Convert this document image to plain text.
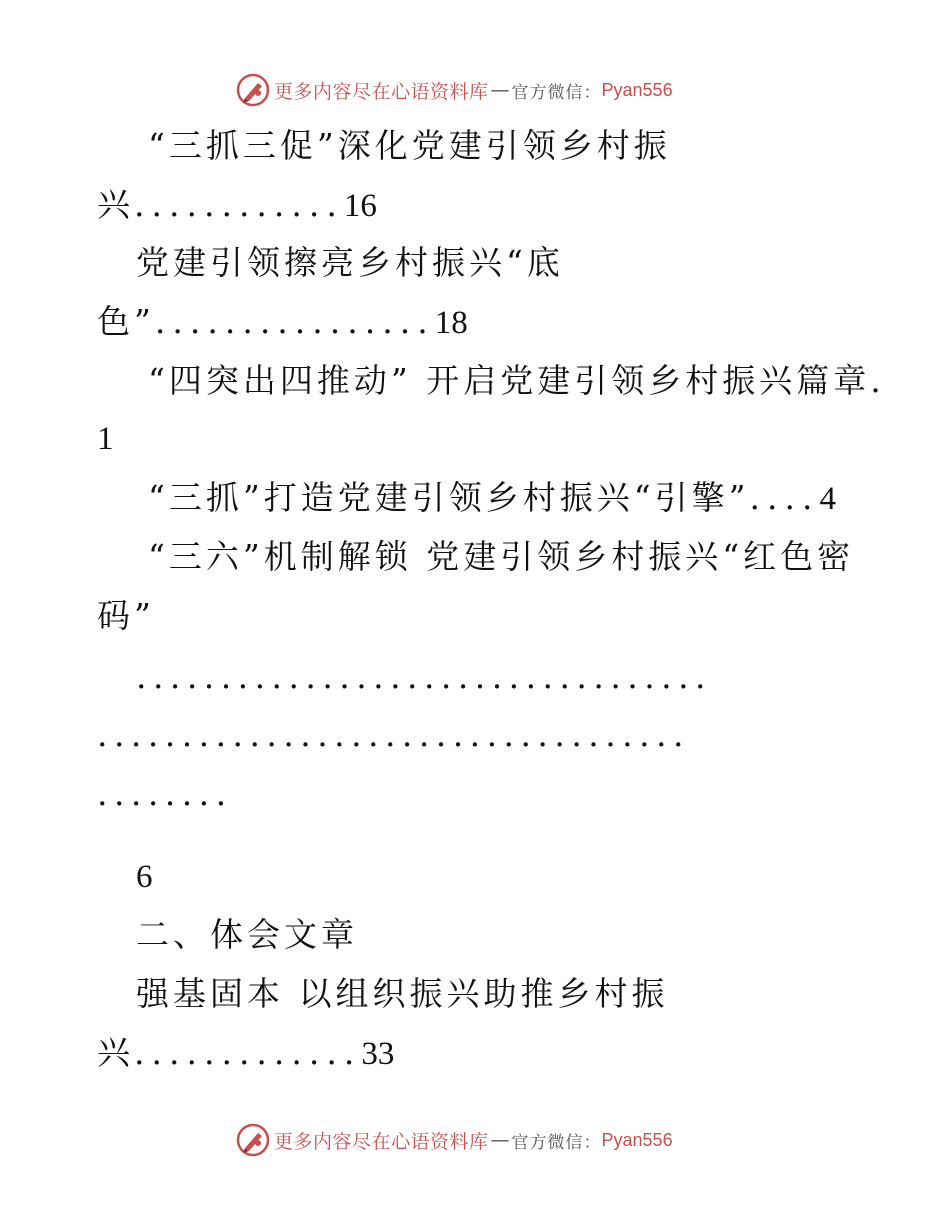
更多内容尽在心语资料库 — 官方微信： Pyan556
“三抓三促”深化党建引领乡村振
兴............16
党建引领擦亮乡村振兴“底
色”................18
“四突出四推动” 开启党建引领乡村振兴篇章.
1
“三抓”打造党建引领乡村振兴“引擎”....4
“三六”机制解锁 党建引领乡村振兴“红色密
码”
..................................
...................................
........
6
二、体会文章
强基固本 以组织振兴助推乡村振
兴.............33
更多内容尽在心语资料库 — 官方微信： Pyan556
